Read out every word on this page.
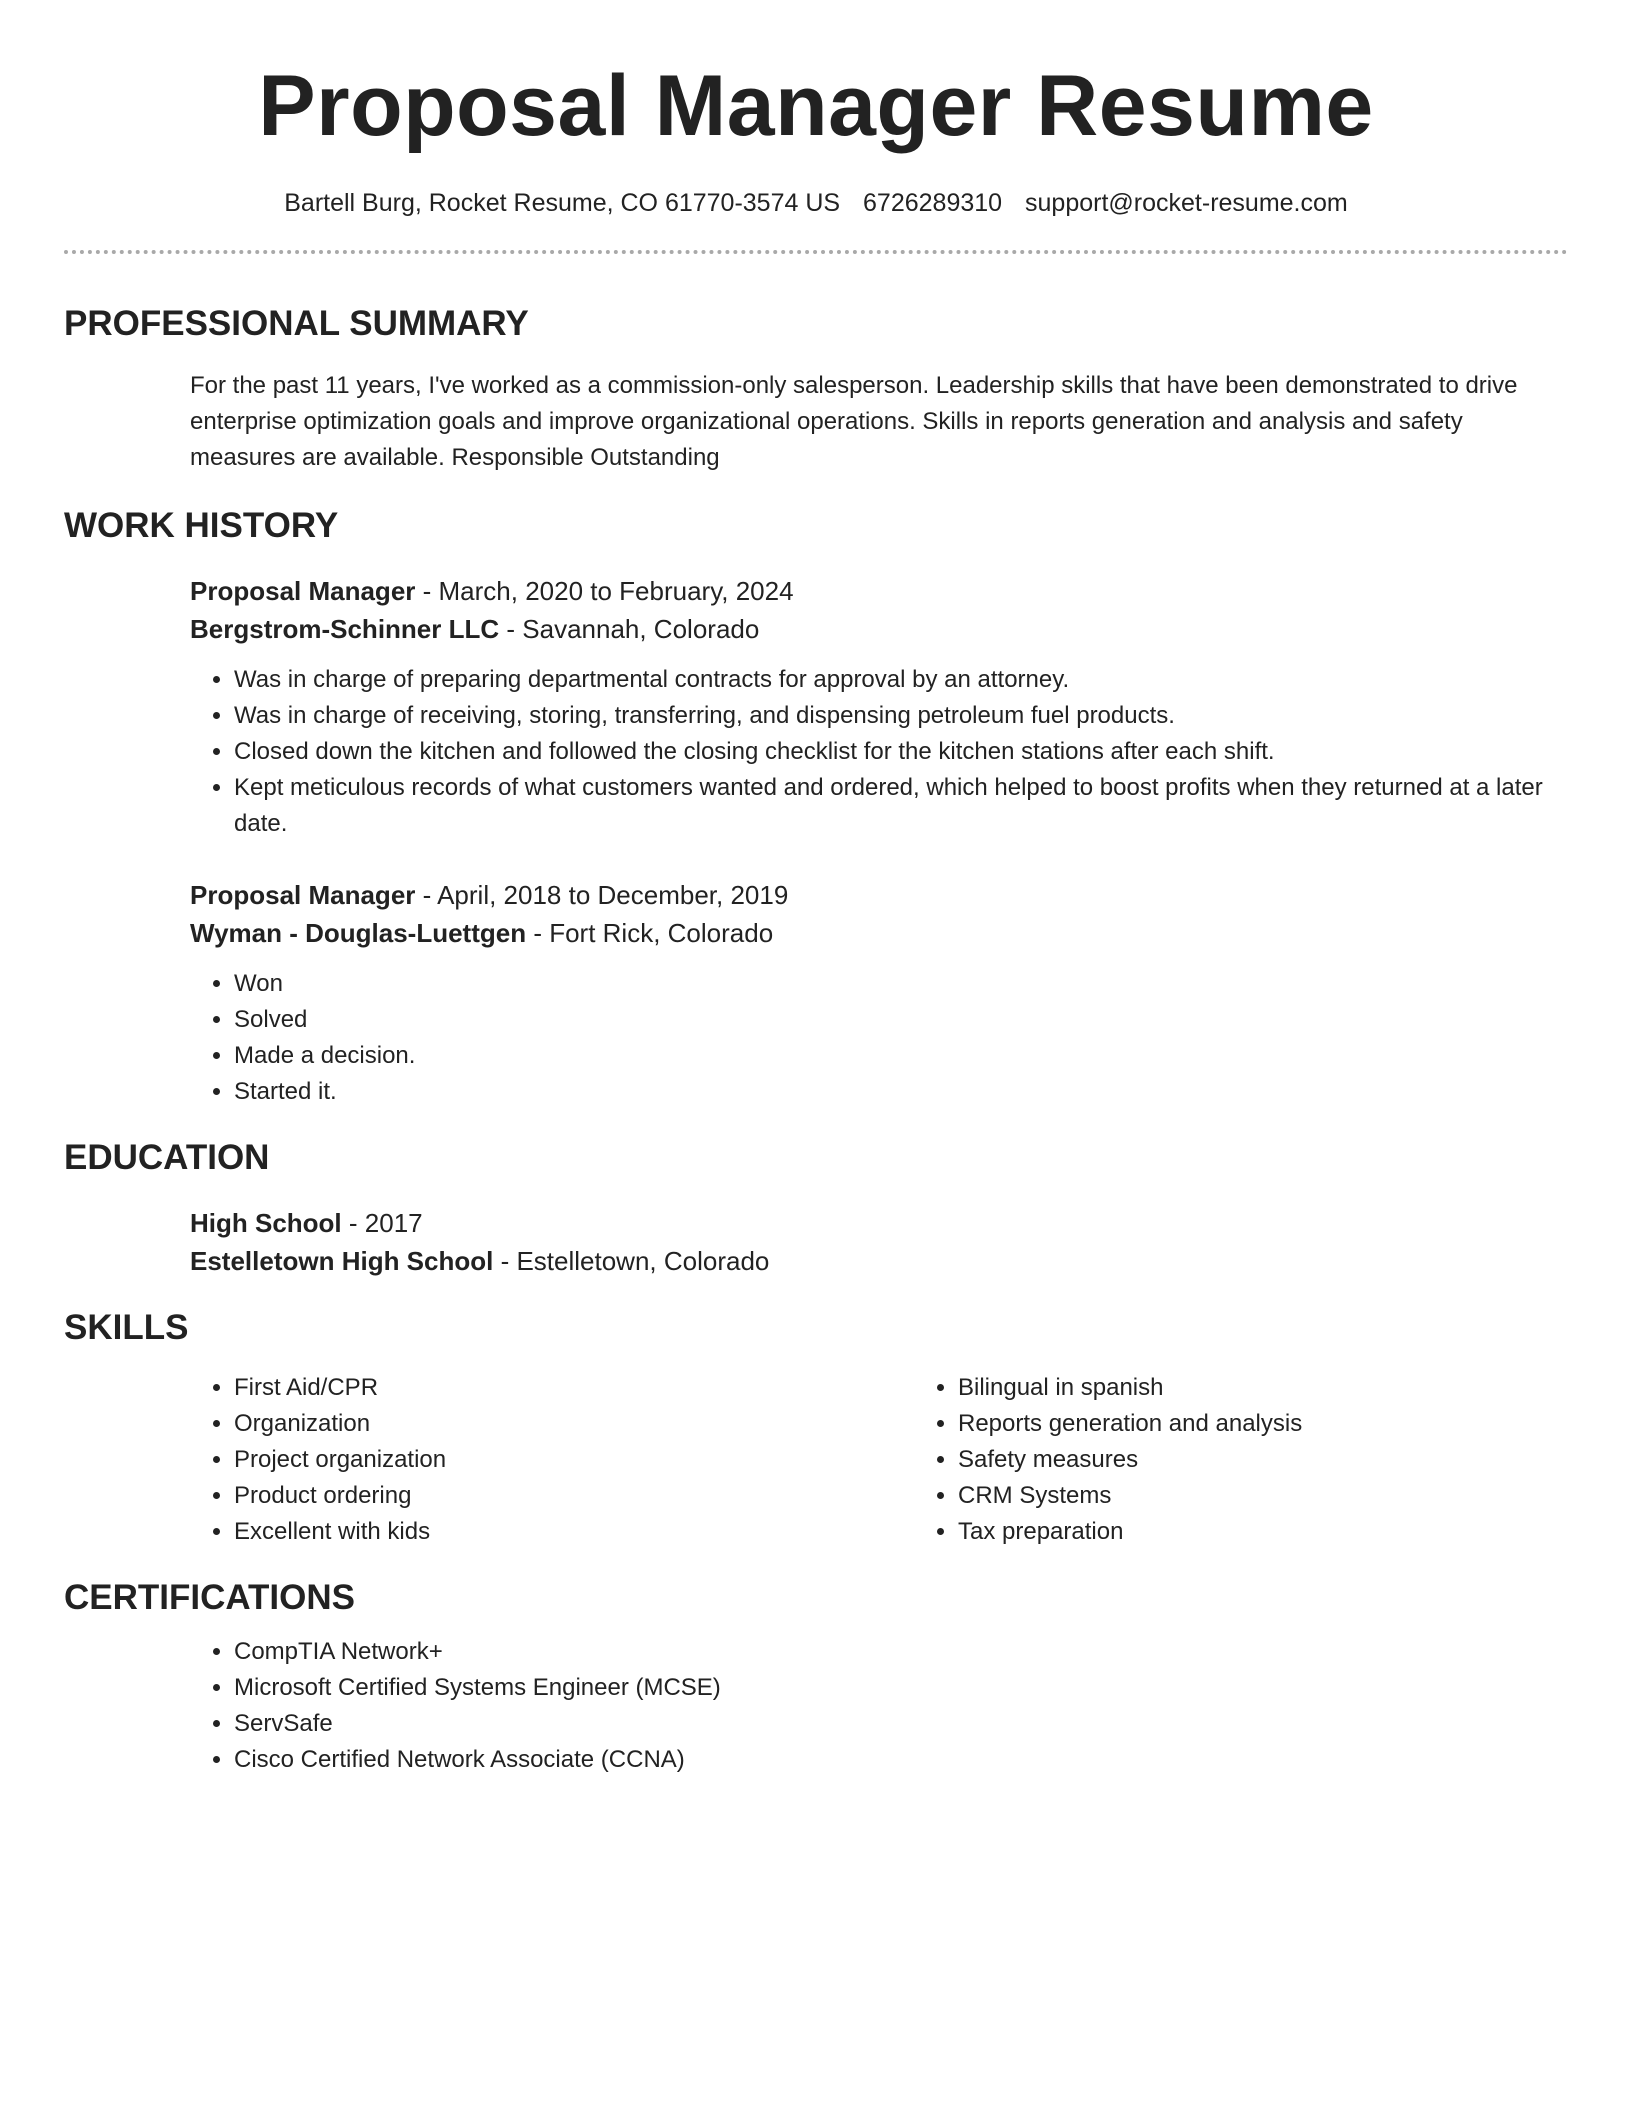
Proposal Manager Resume
Bartell Burg, Rocket Resume, CO 61770-3574 US 6726289310 support@rocket-resume.com
PROFESSIONAL SUMMARY

For the past 11 years, I've worked as a commission-only salesperson. Leadership skills that have been demonstrated to drive enterprise optimization goals and improve organizational operations. Skills in reports generation and analysis and safety measures are available. Responsible Outstanding

WORK HISTORY
Proposal Manager - March, 2020 to February, 2024
Bergstrom-Schinner LLC - Savannah, Colorado
• Was in charge of preparing departmental contracts for approval by an attorney.
• Was in charge of receiving, storing, transferring, and dispensing petroleum fuel products.
• Closed down the kitchen and followed the closing checklist for the kitchen stations after each shift.
• Kept meticulous records of what customers wanted and ordered, which helped to boost profits when they returned at a later date.
Proposal Manager - April, 2018 to December, 2019
Wyman - Douglas-Luettgen - Fort Rick, Colorado
• Won
• Solved
• Made a decision.
• Started it.
EDUCATION
High School - 2017
Estelletown High School - Estelletown, Colorado
SKILLS
• First Aid/CPR
• Organization
• Project organization
• Product ordering
• Excellent with kids
• Bilingual in spanish
• Reports generation and analysis
• Safety measures
• CRM Systems
• Tax preparation
CERTIFICATIONS
• CompTIA Network+
• Microsoft Certified Systems Engineer (MCSE)
• ServSafe
• Cisco Certified Network Associate (CCNA)
